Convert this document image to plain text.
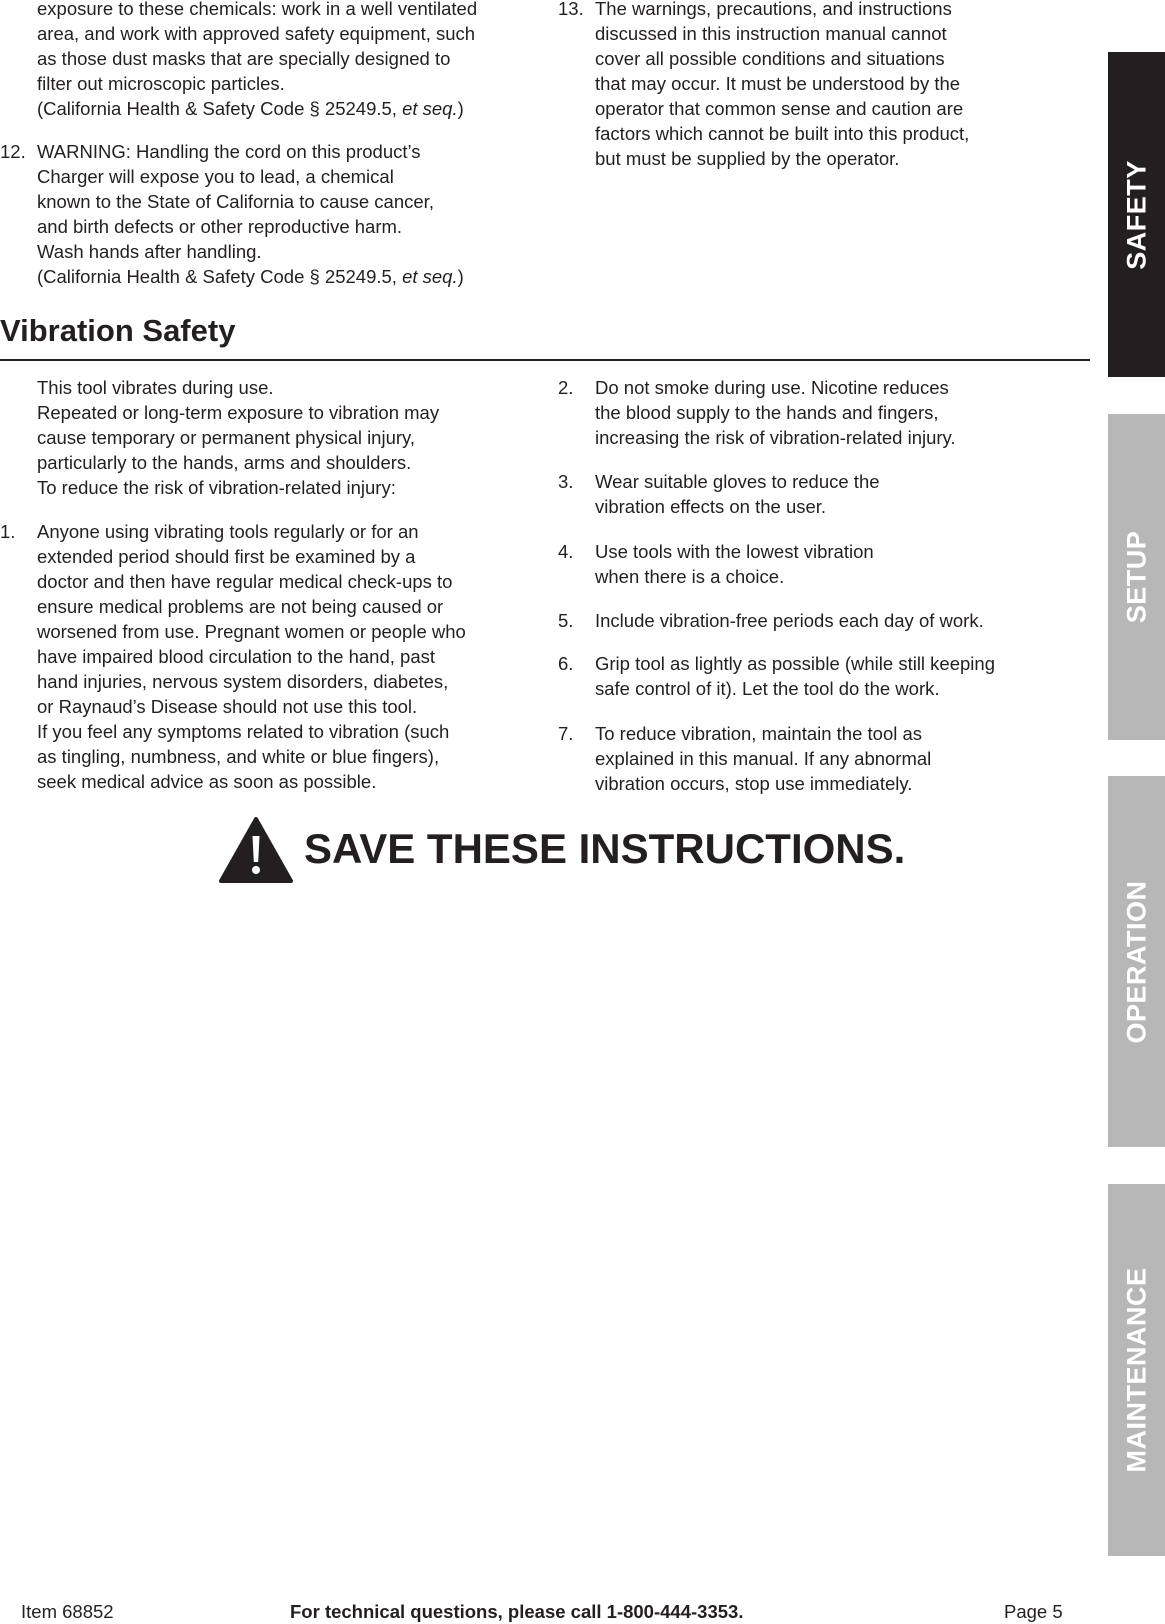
exposure to these chemicals: work in a well ventilated
area, and work with approved safety equipment, such
as those dust masks that are specially designed to
filter out microscopic particles.
(California Health & Safety Code § 25249.5, et seq.)
12. WARNING: Handling the cord on this product’s
Charger will expose you to lead, a chemical
known to the State of California to cause cancer,
and birth defects or other reproductive harm.
Wash hands after handling.
(California Health & Safety Code § 25249.5, et seq.)
13. The warnings, precautions, and instructions
discussed in this instruction manual cannot
cover all possible conditions and situations
that may occur. It must be understood by the
operator that common sense and caution are
factors which cannot be built into this product,
but must be supplied by the operator.
Vibration Safety
This tool vibrates during use.
Repeated or long-term exposure to vibration may
cause temporary or permanent physical injury,
particularly to the hands, arms and shoulders.
To reduce the risk of vibration-related injury:
1. Anyone using vibrating tools regularly or for an
extended period should first be examined by a
doctor and then have regular medical check-ups to
ensure medical problems are not being caused or
worsened from use. Pregnant women or people who
have impaired blood circulation to the hand, past
hand injuries, nervous system disorders, diabetes,
or Raynaud’s Disease should not use this tool.
If you feel any symptoms related to vibration (such
as tingling, numbness, and white or blue fingers),
seek medical advice as soon as possible.
2. Do not smoke during use. Nicotine reduces
the blood supply to the hands and fingers,
increasing the risk of vibration-related injury.
3. Wear suitable gloves to reduce the
vibration effects on the user.
4. Use tools with the lowest vibration
when there is a choice.
5. Include vibration-free periods each day of work.
6. Grip tool as lightly as possible (while still keeping
safe control of it). Let the tool do the work.
7. To reduce vibration, maintain the tool as
explained in this manual. If any abnormal
vibration occurs, stop use immediately.
SAVE THESE INSTRUCTIONS.
SAFETY
SETUP
OPERATION
MAINTENANCE
Item 68852	For technical questions, please call 1-800-444-3353.	Page 5
